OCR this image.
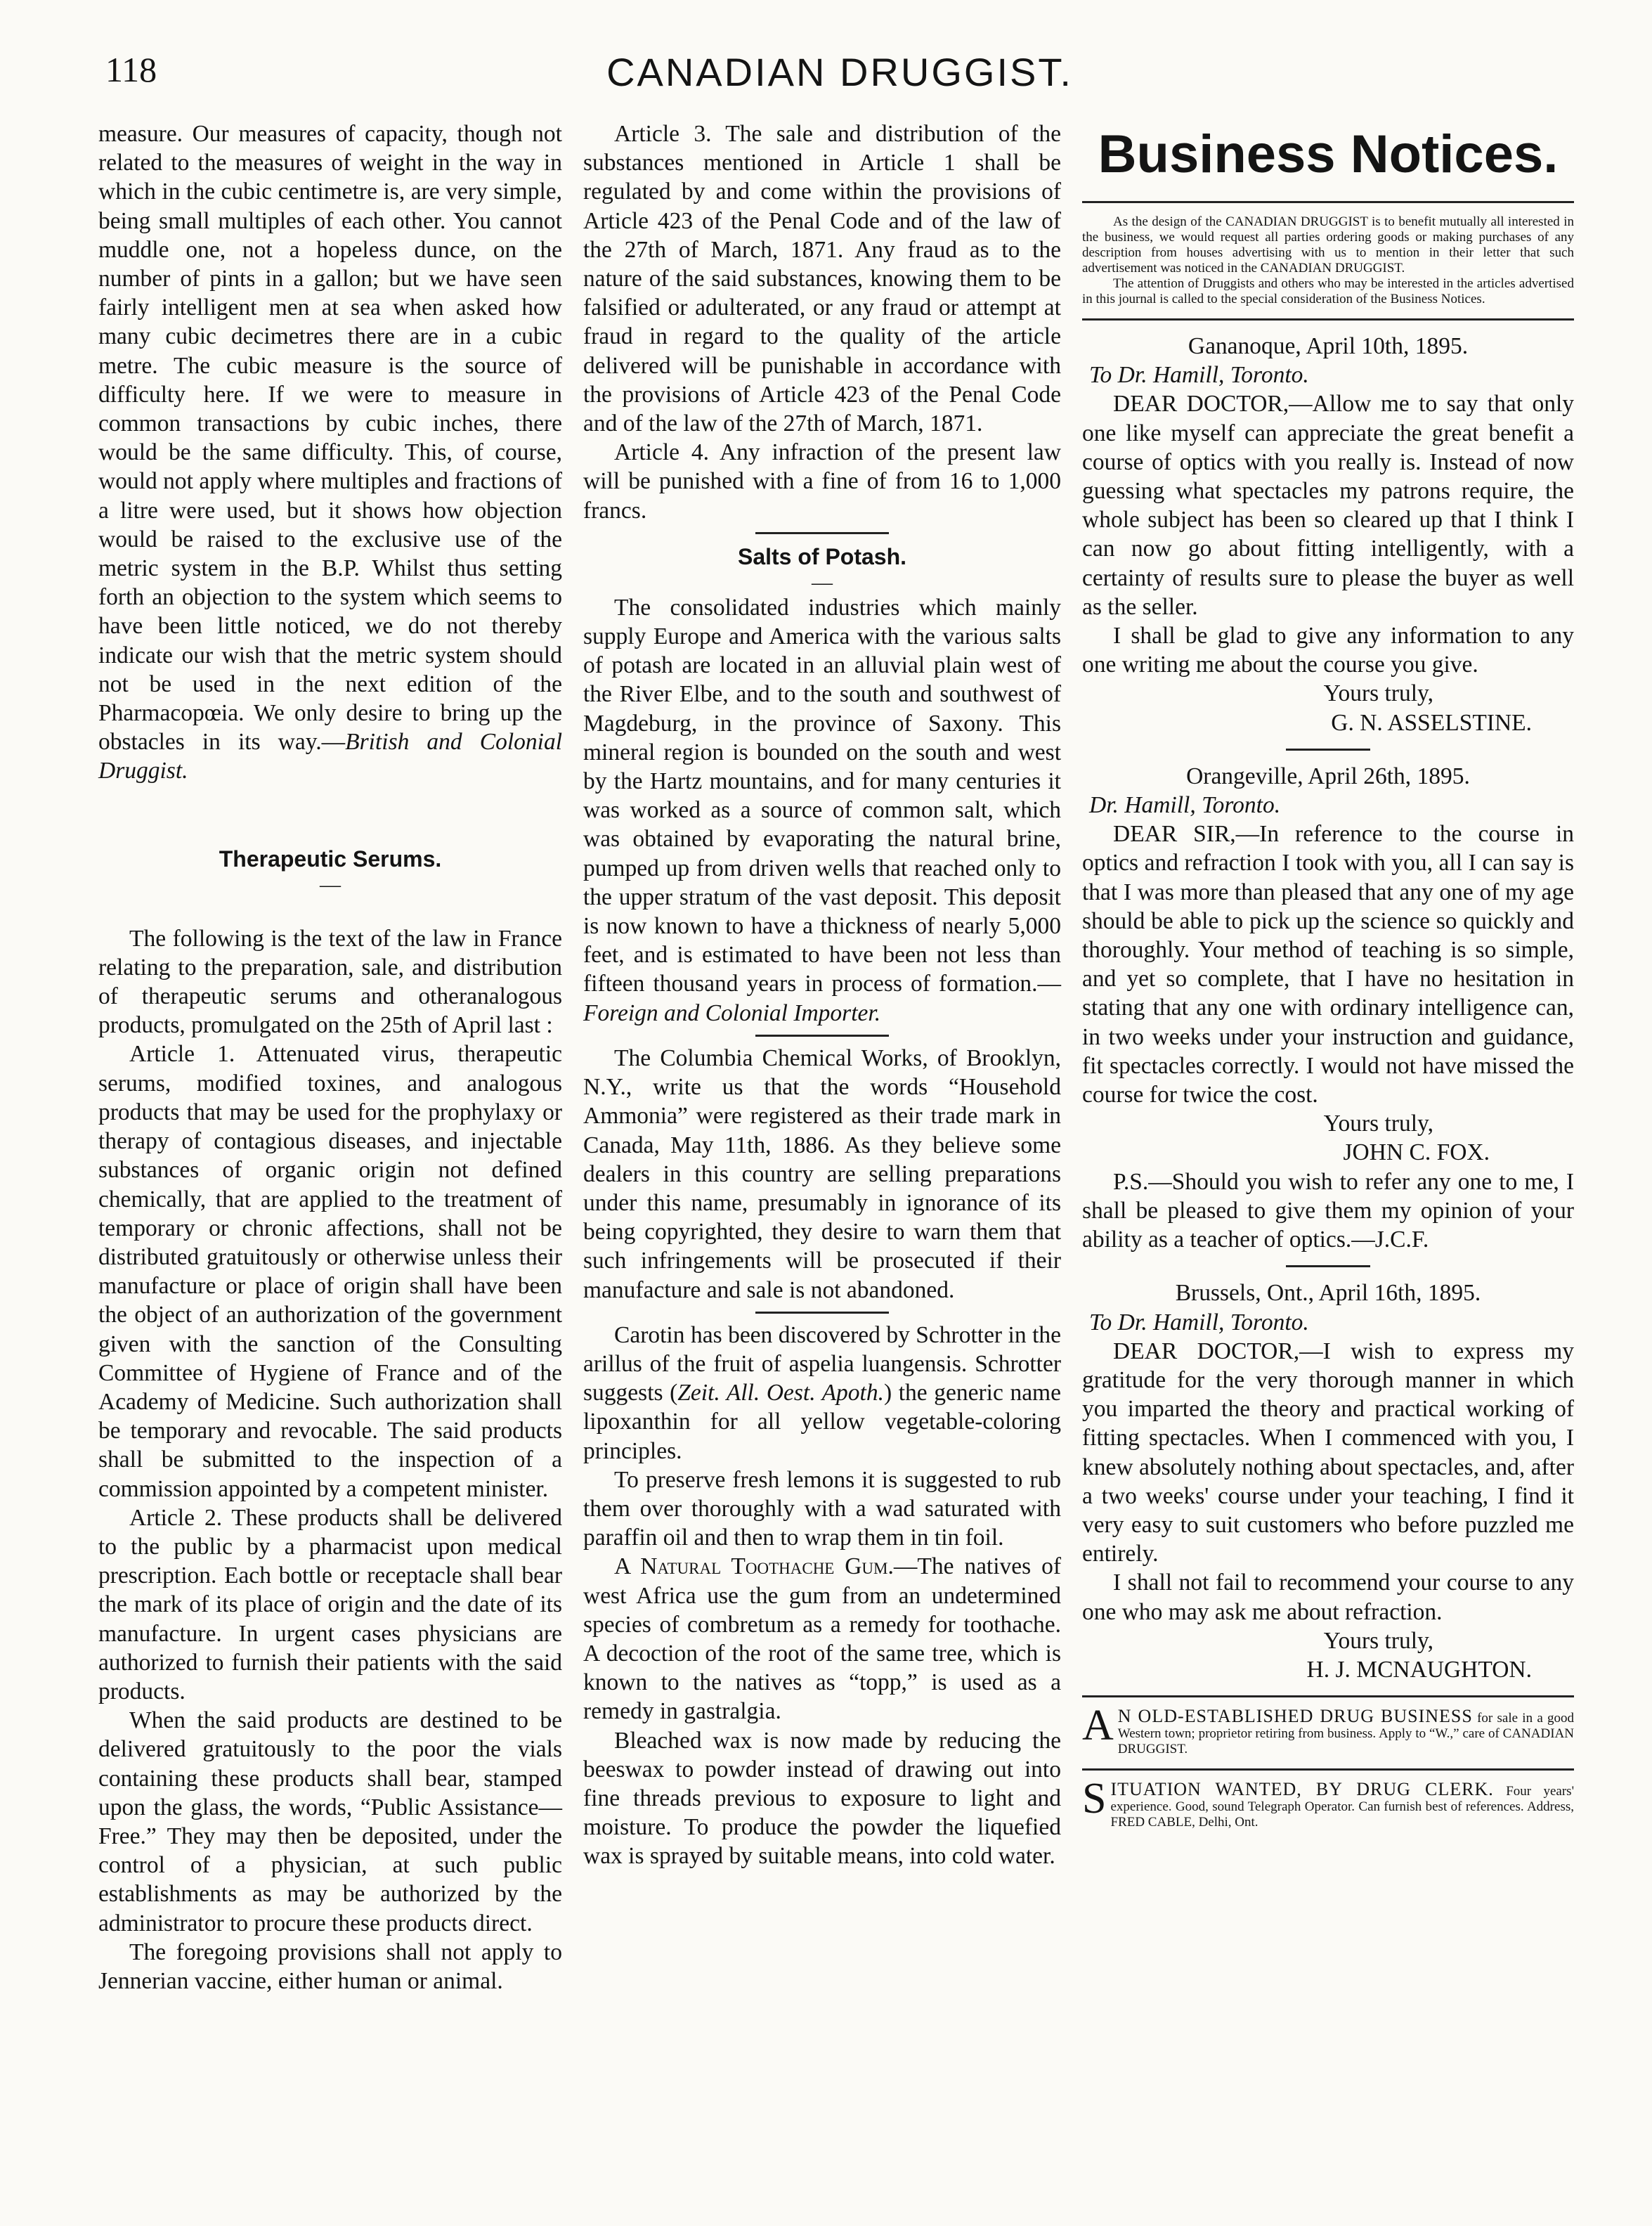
118	CANADIAN DRUGGIST.

measure. Our measures of capacity, though not related to the measures of weight in the way in which in the cubic centimetre is, are very simple, being small multiples of each other. You cannot muddle one, not a hopeless dunce, on the number of pints in a gallon; but we have seen fairly intelligent men at sea when asked how many cubic decimetres there are in a cubic metre. The cubic measure is the source of difficulty here. If we were to measure in common transactions by cubic inches, there would be the same difficulty. This, of course, would not apply where multiples and fractions of a litre were used, but it shows how objection would be raised to the exclusive use of the metric system in the B.P. Whilst thus setting forth an objection to the system which seems to have been little noticed, we do not thereby indicate our wish that the metric system should not be used in the next edition of the Pharmacopœia. We only desire to bring up the obstacles in its way.—British and Colonial Druggist.

Therapeutic Serums.
—

The following is the text of the law in France relating to the preparation, sale, and distribution of therapeutic serums and otheranalogous products, promulgated on the 25th of April last :

Article 1. Attenuated virus, therapeutic serums, modified toxines, and analogous products that may be used for the prophylaxy or therapy of contagious diseases, and injectable substances of organic origin not defined chemically, that are applied to the treatment of temporary or chronic affections, shall not be distributed gratuitously or otherwise unless their manufacture or place of origin shall have been the object of an authorization of the government given with the sanction of the Consulting Committee of Hygiene of France and of the Academy of Medicine. Such authorization shall be temporary and revocable. The said products shall be submitted to the inspection of a commission appointed by a competent minister.

Article 2. These products shall be delivered to the public by a pharmacist upon medical prescription. Each bottle or receptacle shall bear the mark of its place of origin and the date of its manufacture. In urgent cases physicians are authorized to furnish their patients with the said products.

When the said products are destined to be delivered gratuitously to the poor the vials containing these products shall bear, stamped upon the glass, the words, “Public Assistance—Free.” They may then be deposited, under the control of a physician, at such public establishments as may be authorized by the administrator to procure these products direct.

The foregoing provisions shall not apply to Jennerian vaccine, either human or animal.

Article 3. The sale and distribution of the substances mentioned in Article 1 shall be regulated by and come within the provisions of Article 423 of the Penal Code and of the law of the 27th of March, 1871. Any fraud as to the nature of the said substances, knowing them to be falsified or adulterated, or any fraud or attempt at fraud in regard to the quality of the article delivered will be punishable in accordance with the provisions of Article 423 of the Penal Code and of the law of the 27th of March, 1871.

Article 4. Any infraction of the present law will be punished with a fine of from 16 to 1,000 francs.

Salts of Potash.
—

The consolidated industries which mainly supply Europe and America with the various salts of potash are located in an alluvial plain west of the River Elbe, and to the south and southwest of Magdeburg, in the province of Saxony. This mineral region is bounded on the south and west by the Hartz mountains, and for many centuries it was worked as a source of common salt, which was obtained by evaporating the natural brine, pumped up from driven wells that reached only to the upper stratum of the vast deposit. This deposit is now known to have a thickness of nearly 5,000 feet, and is estimated to have been not less than fifteen thousand years in process of formation.—Foreign and Colonial Importer.

The Columbia Chemical Works, of Brooklyn, N.Y., write us that the words “Household Ammonia” were registered as their trade mark in Canada, May 11th, 1886. As they believe some dealers in this country are selling preparations under this name, presumably in ignorance of its being copyrighted, they desire to warn them that such infringements will be prosecuted if their manufacture and sale is not abandoned.

Carotin has been discovered by Schrotter in the arillus of the fruit of aspelia luangensis. Schrotter suggests (Zeit. All. Oest. Apoth.) the generic name lipoxanthin for all yellow vegetable-coloring principles.

To preserve fresh lemons it is suggested to rub them over thoroughly with a wad saturated with paraffin oil and then to wrap them in tin foil.

A Natural Toothache Gum.—The natives of west Africa use the gum from an undetermined species of combretum as a remedy for toothache. A decoction of the root of the same tree, which is known to the natives as “topp,” is used as a remedy in gastralgia.

Bleached wax is now made by reducing the beeswax to powder instead of drawing out into fine threads previous to exposure to light and moisture. To produce the powder the liquefied wax is sprayed by suitable means, into cold water.

Business Notices.

As the design of the CANADIAN DRUGGIST is to benefit mutually all interested in the business, we would request all parties ordering goods or making purchases of any description from houses advertising with us to mention in their letter that such advertisement was noticed in the CANADIAN DRUGGIST.

The attention of Druggists and others who may be interested in the articles advertised in this journal is called to the special consideration of the Business Notices.

Gananoque, April 10th, 1895.

To Dr. Hamill, Toronto.

DEAR DOCTOR,—Allow me to say that only one like myself can appreciate the great benefit a course of optics with you really is. Instead of now guessing what spectacles my patrons require, the whole subject has been so cleared up that I think I can now go about fitting intelligently, with a certainty of results sure to please the buyer as well as the seller.

I shall be glad to give any information to any one writing me about the course you give.

Yours truly,

G. N. ASSELSTINE.

Orangeville, April 26th, 1895.

Dr. Hamill, Toronto.

DEAR SIR,—In reference to the course in optics and refraction I took with you, all I can say is that I was more than pleased that any one of my age should be able to pick up the science so quickly and thoroughly. Your method of teaching is so simple, and yet so complete, that I have no hesitation in stating that any one with ordinary intelligence can, in two weeks under your instruction and guidance, fit spectacles correctly. I would not have missed the course for twice the cost.

Yours truly,

JOHN C. FOX.

P.S.—Should you wish to refer any one to me, I shall be pleased to give them my opinion of your ability as a teacher of optics.—J.C.F.

Brussels, Ont., April 16th, 1895.

To Dr. Hamill, Toronto.

DEAR DOCTOR,—I wish to express my gratitude for the very thorough manner in which you imparted the theory and practical working of fitting spectacles. When I commenced with you, I knew absolutely nothing about spectacles, and, after a two weeks' course under your teaching, I find it very easy to suit customers who before puzzled me entirely.

I shall not fail to recommend your course to any one who may ask me about refraction.

Yours truly,

H. J. MCNAUGHTON.

A N OLD-ESTABLISHED DRUG BUSINESS for sale in a good Western town; proprietor retiring from business. Apply to “W.,” care of CANADIAN DRUGGIST.
S ITUATION WANTED, BY DRUG CLERK. Four years' experience. Good, sound Telegraph Operator. Can furnish best of references. Address, FRED CABLE, Delhi, Ont.
